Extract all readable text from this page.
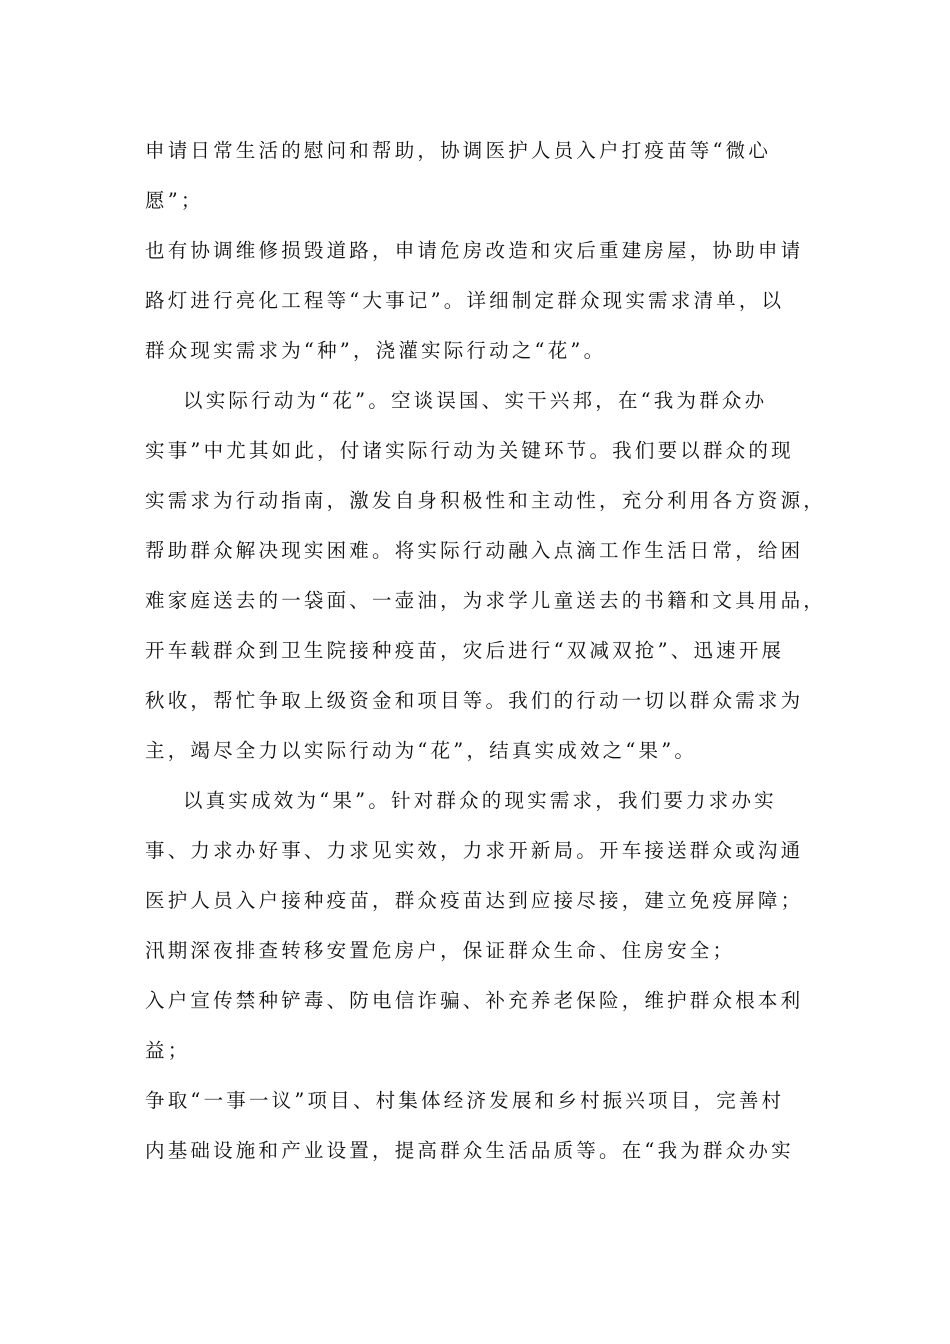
申请日常生活的慰问和帮助，协调医护人员入户打疫苗等“微心
愿”；
也有协调维修损毁道路，申请危房改造和灾后重建房屋，协助申请
路灯进行亮化工程等“大事记”。详细制定群众现实需求清单，以
群众现实需求为“种”，浇灌实际行动之“花”。
以实际行动为“花”。空谈误国、实干兴邦，在“我为群众办
实事”中尤其如此，付诸实际行动为关键环节。我们要以群众的现
实需求为行动指南，激发自身积极性和主动性，充分利用各方资源，
帮助群众解决现实困难。将实际行动融入点滴工作生活日常，给困
难家庭送去的一袋面、一壶油，为求学儿童送去的书籍和文具用品，
开车载群众到卫生院接种疫苗，灾后进行“双减双抢”、迅速开展
秋收，帮忙争取上级资金和项目等。我们的行动一切以群众需求为
主，竭尽全力以实际行动为“花”，结真实成效之“果”。
以真实成效为“果”。针对群众的现实需求，我们要力求办实
事、力求办好事、力求见实效，力求开新局。开车接送群众或沟通
医护人员入户接种疫苗，群众疫苗达到应接尽接，建立免疫屏障；
汛期深夜排查转移安置危房户，保证群众生命、住房安全；
入户宣传禁种铲毒、防电信诈骗、补充养老保险，维护群众根本利
益；
争取“一事一议”项目、村集体经济发展和乡村振兴项目，完善村
内基础设施和产业设置，提高群众生活品质等。在“我为群众办实
